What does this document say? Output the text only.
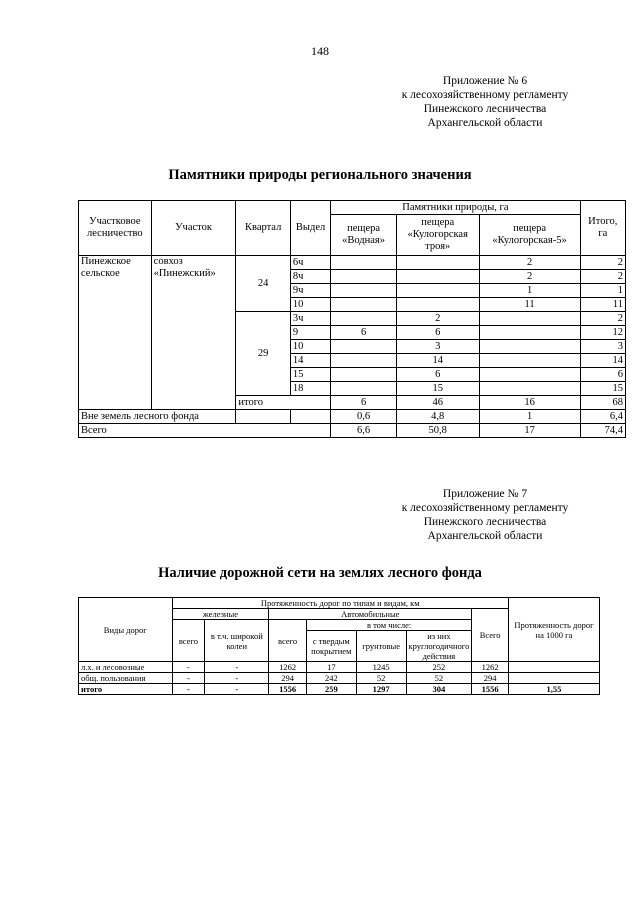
148
Приложение № 6
к лесохозяйственному регламенту
Пинежского лесничества
Архангельской области
Памятники природы регионального значения
Участковое лесничество	Участок	Квартал	Выдел	Памятники природы, га			Итого, га
				пещера «Водная»	пещера «Кулогорская троя»	пещера «Кулогорская-5»	
Пинежское сельское	совхоз «Пинежский»	24	6ч			2	2
			8ч			2	2
			9ч			1	1
			10			11	11
		29	3ч		2		2
			9	6	6		12
			10		3		3
			14		14		14
			15		6		6
			18		15		15
		итого		6	46	16	68
Вне земель лесного фонда				0,6	4,8	1	6,4
Всего				6,6	50,8	17	74,4
Приложение № 7
к лесохозяйственному регламенту
Пинежского лесничества
Архангельской области
Наличие дорожной сети на землях лесного фонда
Виды дорог	Протяженность дорог по типам и видам, км							Протяженность дорог на 1000 га
	железные		Автомобильные				Всего	
	всего	в т.ч. широкой колеи	всего	в том числе:				
				с твердым покрытием	грунтовые	из них круглогодичного действия		
л.х. и лесовозные	-	-	1262	17	1245	252	1262	
общ. пользования	-	-	294	242	52	52	294	
итого	-	-	1556	259	1297	304	1556	1,55
